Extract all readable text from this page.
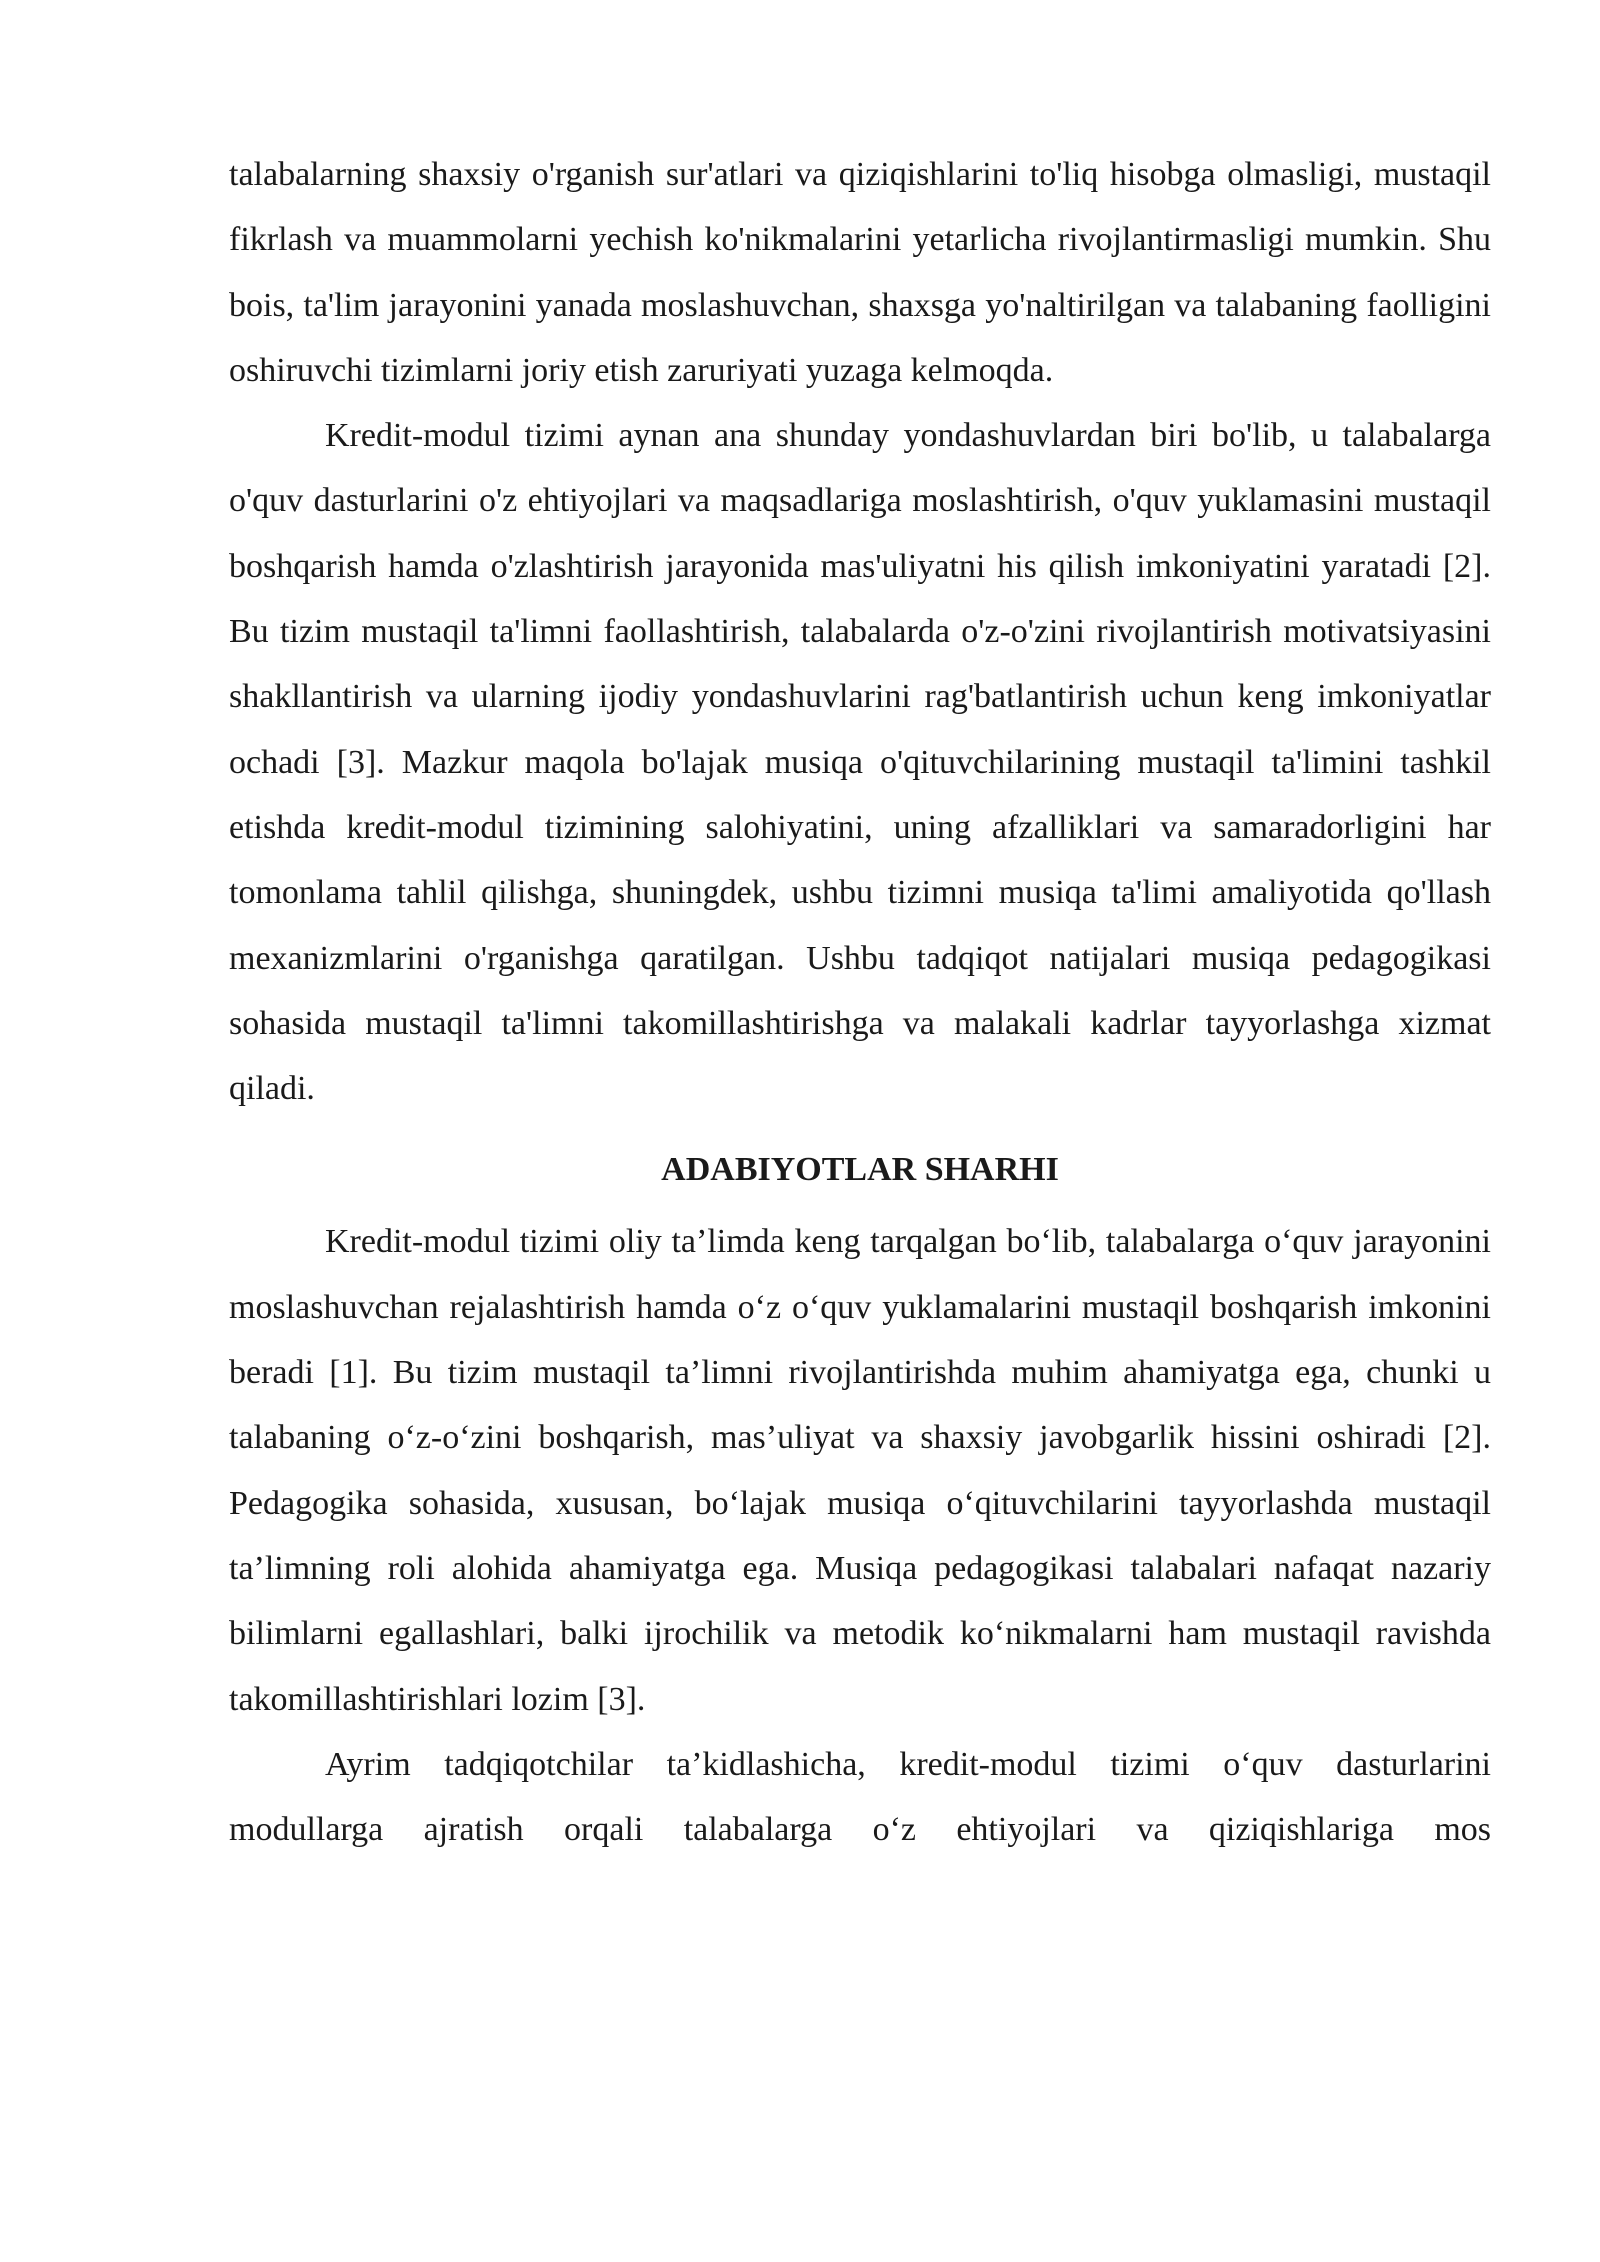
talabalarning shaxsiy o'rganish sur'atlari va qiziqishlarini to'liq hisobga olmasligi, mustaqil fikrlash va muammolarni yechish ko'nikmalarini yetarlicha rivojlantirmasligi mumkin. Shu bois, ta'lim jarayonini yanada moslashuvchan, shaxsga yo'naltirilgan va talabaning faolligini oshiruvchi tizimlarni joriy etish zaruriyati yuzaga kelmoqda.

Kredit-modul tizimi aynan ana shunday yondashuvlardan biri bo'lib, u talabalarga o'quv dasturlarini o'z ehtiyojlari va maqsadlariga moslashtirish, o'quv yuklamasini mustaqil boshqarish hamda o'zlashtirish jarayonida mas'uliyatni his qilish imkoniyatini yaratadi [2]. Bu tizim mustaqil ta'limni faollashtirish, talabalarda o'z-o'zini rivojlantirish motivatsiyasini shakllantirish va ularning ijodiy yondashuvlarini rag'batlantirish uchun keng imkoniyatlar ochadi [3]. Mazkur maqola bo'lajak musiqa o'qituvchilarining mustaqil ta'limini tashkil etishda kredit-modul tizimining salohiyatini, uning afzalliklari va samaradorligini har tomonlama tahlil qilishga, shuningdek, ushbu tizimni musiqa ta'limi amaliyotida qo'llash mexanizmlarini o'rganishga qaratilgan. Ushbu tadqiqot natijalari musiqa pedagogikasi sohasida mustaqil ta'limni takomillashtirishga va malakali kadrlar tayyorlashga xizmat qiladi.

ADABIYOTLAR SHARHI

Kredit-modul tizimi oliy ta’limda keng tarqalgan bo‘lib, talabalarga o‘quv jarayonini moslashuvchan rejalashtirish hamda o‘z o‘quv yuklamalarini mustaqil boshqarish imkonini beradi [1]. Bu tizim mustaqil ta’limni rivojlantirishda muhim ahamiyatga ega, chunki u talabaning o‘z-o‘zini boshqarish, mas’uliyat va shaxsiy javobgarlik hissini oshiradi [2]. Pedagogika sohasida, xususan, bo‘lajak musiqa o‘qituvchilarini tayyorlashda mustaqil ta’limning roli alohida ahamiyatga ega. Musiqa pedagogikasi talabalari nafaqat nazariy bilimlarni egallashlari, balki ijrochilik va metodik ko‘nikmalarni ham mustaqil ravishda takomillashtirishlari lozim [3].

Ayrim tadqiqotchilar ta’kidlashicha, kredit-modul tizimi o‘quv dasturlarini modullarga ajratish orqali talabalarga o‘z ehtiyojlari va qiziqishlariga mos
